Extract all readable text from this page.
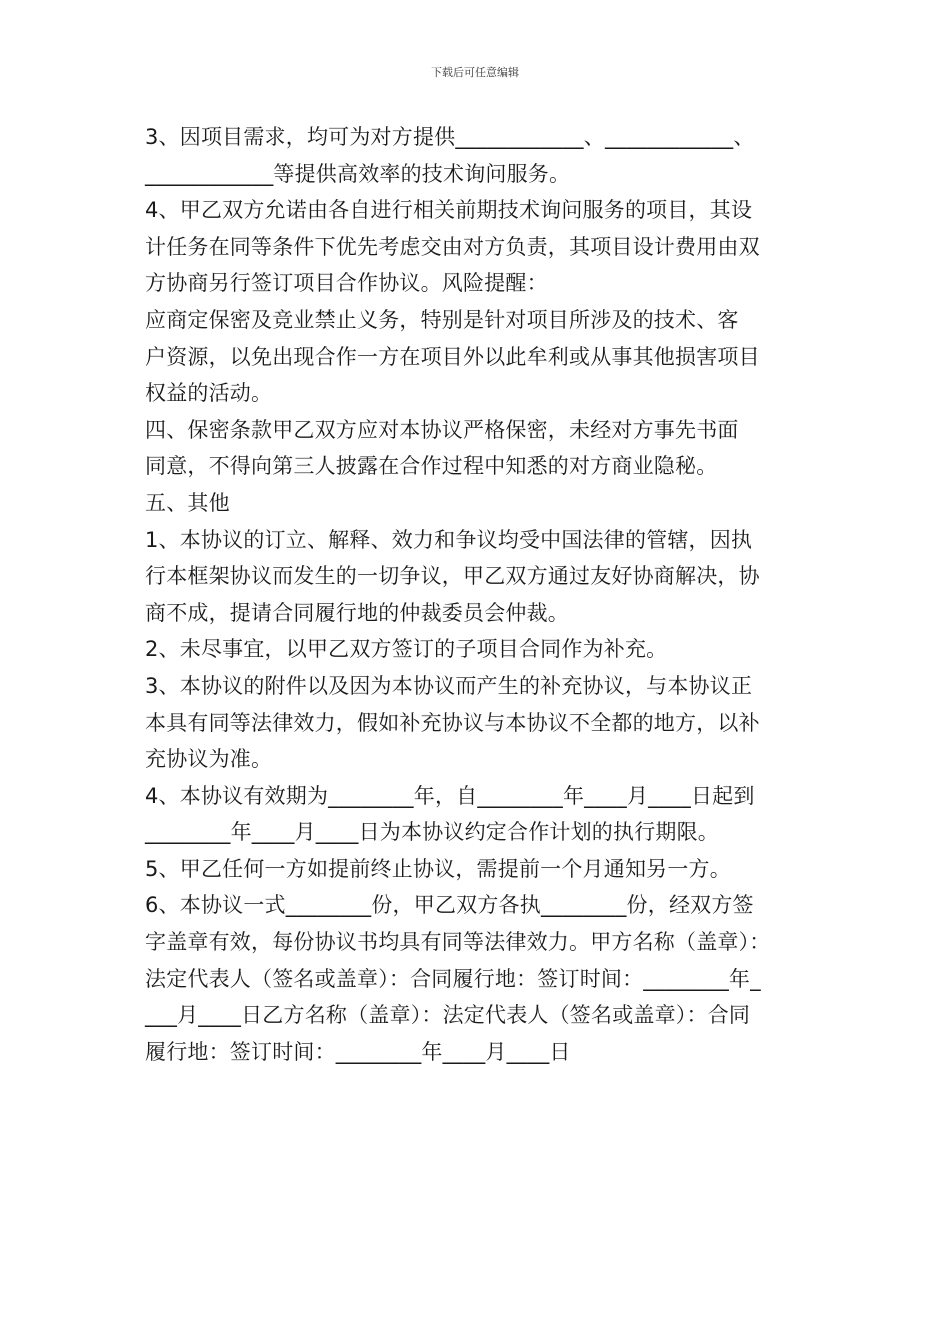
下载后可任意编辑
3、因项目需求，均可为对方提供____________、____________、
____________等提供高效率的技术询问服务。
4、甲乙双方允诺由各自进行相关前期技术询问服务的项目，其设
计任务在同等条件下优先考虑交由对方负责，其项目设计费用由双
方协商另行签订项目合作协议。风险提醒：
应商定保密及竞业禁止义务，特别是针对项目所涉及的技术、客
户资源，以免出现合作一方在项目外以此牟利或从事其他损害项目
权益的活动。
四、保密条款甲乙双方应对本协议严格保密，未经对方事先书面
同意，不得向第三人披露在合作过程中知悉的对方商业隐秘。
五、其他
1、本协议的订立、解释、效力和争议均受中国法律的管辖，因执
行本框架协议而发生的一切争议，甲乙双方通过友好协商解决，协
商不成，提请合同履行地的仲裁委员会仲裁。
2、未尽事宜，以甲乙双方签订的子项目合同作为补充。
3、本协议的附件以及因为本协议而产生的补充协议，与本协议正
本具有同等法律效力，假如补充协议与本协议不全都的地方，以补
充协议为准。
4、本协议有效期为________年，自________年____月____日起到
________年____月____日为本协议约定合作计划的执行期限。
5、甲乙任何一方如提前终止协议，需提前一个月通知另一方。
6、本协议一式________份，甲乙双方各执________份，经双方签
字盖章有效，每份协议书均具有同等法律效力。甲方名称（盖章）：
法定代表人（签名或盖章）：合同履行地：签订时间：________年_
___月____日乙方名称（盖章）：法定代表人（签名或盖章）：合同
履行地：签订时间：________年____月____日
